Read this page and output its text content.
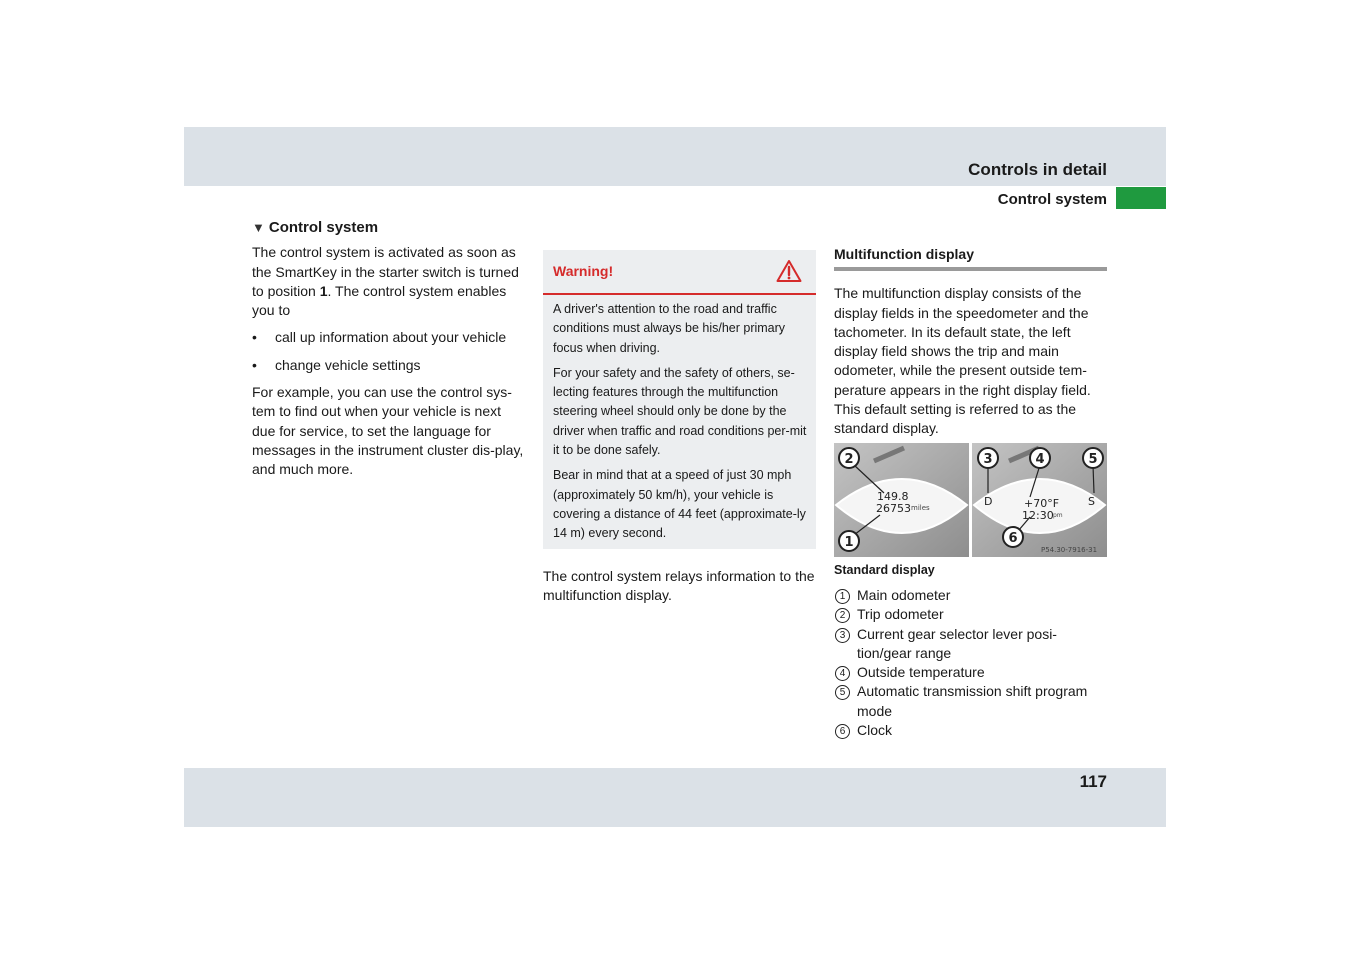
Controls in detail
Control system
▼ Control system

The control system is activated as soon as the SmartKey in the starter switch is turned to position 1. The control system enables you to

•	call up information about your vehicle
•	change vehicle settings

For example, you can use the control sys-tem to find out when your vehicle is next due for service, to set the language for messages in the instrument cluster dis-play, and much more.

Warning!

A driver's attention to the road and traffic conditions must always be his/her primary focus when driving.

For your safety and the safety of others, se-lecting features through the multifunction steering wheel should only be done by the driver when traffic and road conditions per-mit it to be done safely.

Bear in mind that at a speed of just 30 mph (approximately 50 km/h), your vehicle is covering a distance of 44 feet (approximate-ly 14 m) every second.

The control system relays information to the multifunction display.

Multifunction display

The multifunction display consists of the display fields in the speedometer and the tachometer. In its default state, the left display field shows the trip and main odometer, while the present outside tem-perature appears in the right display field. This default setting is referred to as the standard display.

149.8
26753 miles	D	+70°F
12:30 pm
S
P54.30-7916-31
2
1
3	4	5
6
Standard display
1 Main odometer
2 Trip odometer
3 Current gear selector lever posi-tion/gear range
4 Outside temperature
5 Automatic transmission shift program mode
6 Clock
117
